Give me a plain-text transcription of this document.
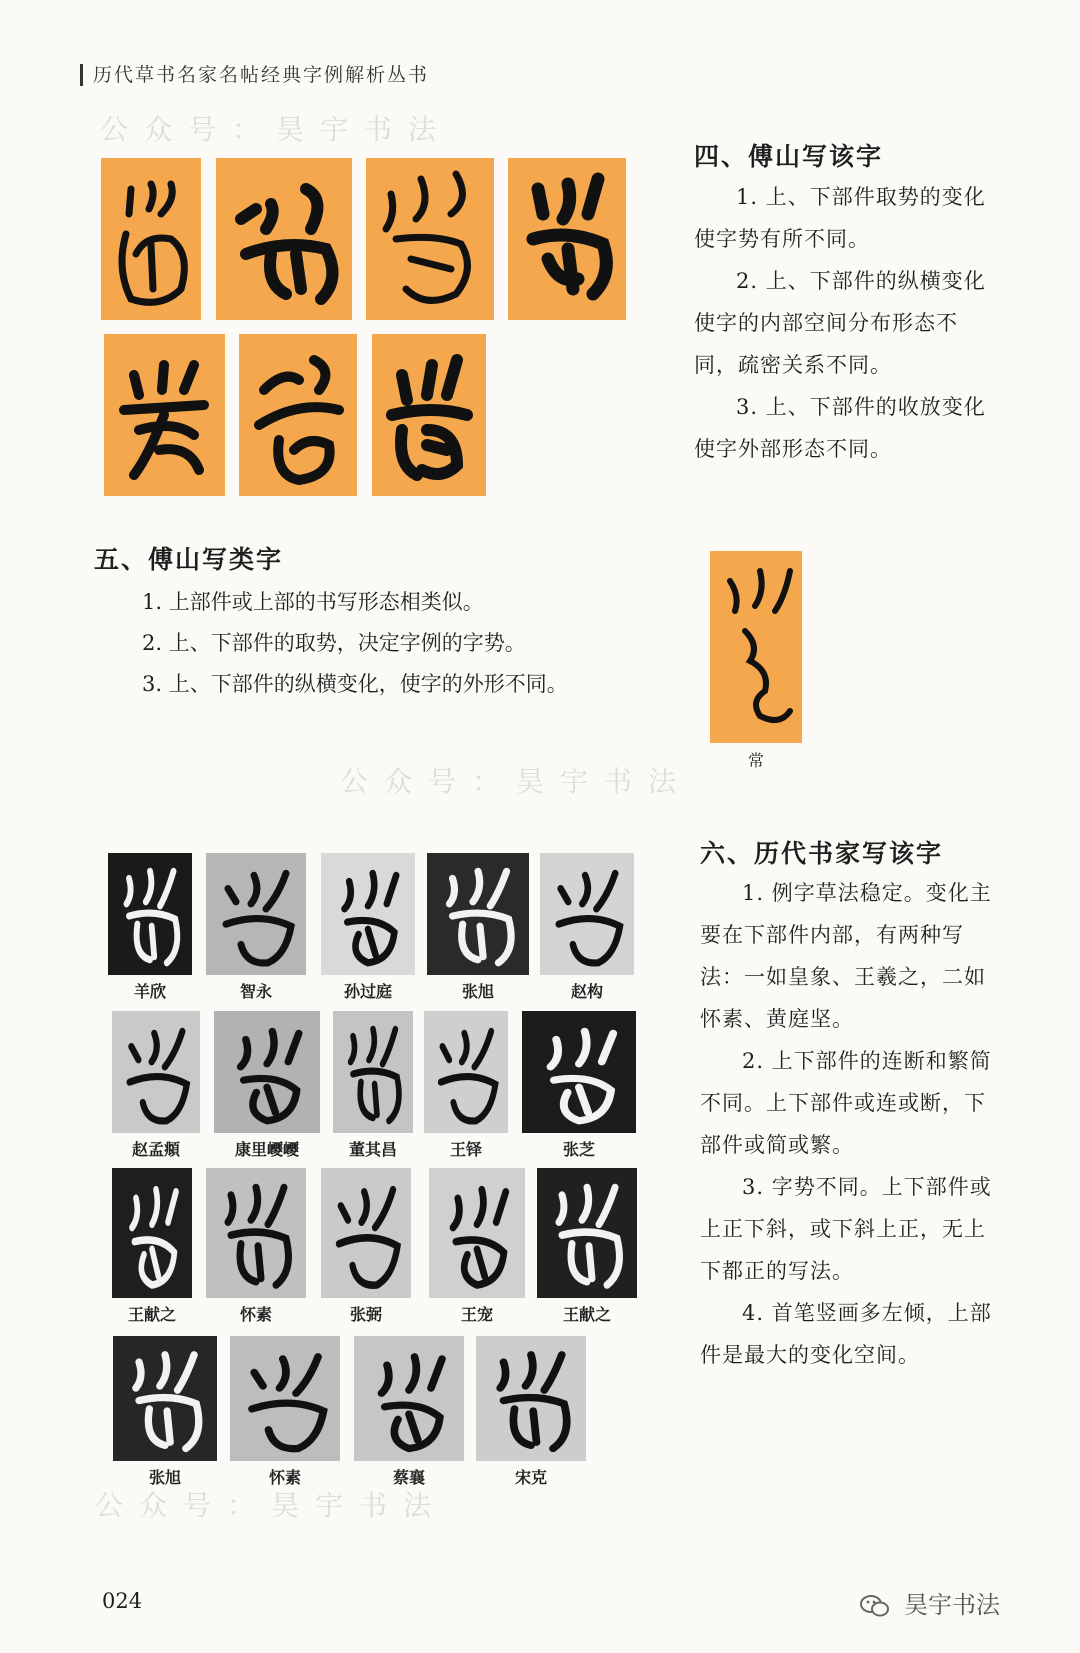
历代草书名家名帖经典字例解析丛书
公众号：昊宇书法
公众号：昊宇书法
公众号：昊宇书法
四、傅山写该字

1. 上、下部件取势的变化使字势有所不同。

2. 上、下部件的纵横变化使字的内部空间分布形态不同，疏密关系不同。

3. 上、下部件的收放变化使字外部形态不同。

五、傅山写类字
1. 上部件或上部的书写形态相类似。
2. 上、下部件的取势，决定字例的字势。
3. 上、下部件的纵横变化，使字的外形不同。
常
六、历代书家写该字

1. 例字草法稳定。变化主要在下部件内部，有两种写法：一如皇象、王羲之，二如怀素、黄庭坚。

2. 上下部件的连断和繁简不同。上下部件或连或断，下部件或简或繁。

3. 字势不同。上下部件或上正下斜，或下斜上正，无上下都正的写法。

4. 首笔竖画多左倾，上部件是最大的变化空间。

羊欣	智永	孙过庭	张旭	赵构
赵孟頫	康里巎巎	董其昌	王铎	张芝
王献之	怀素	张弼	王宠	王献之
张旭	怀素	蔡襄	宋克
024	昊宇书法
